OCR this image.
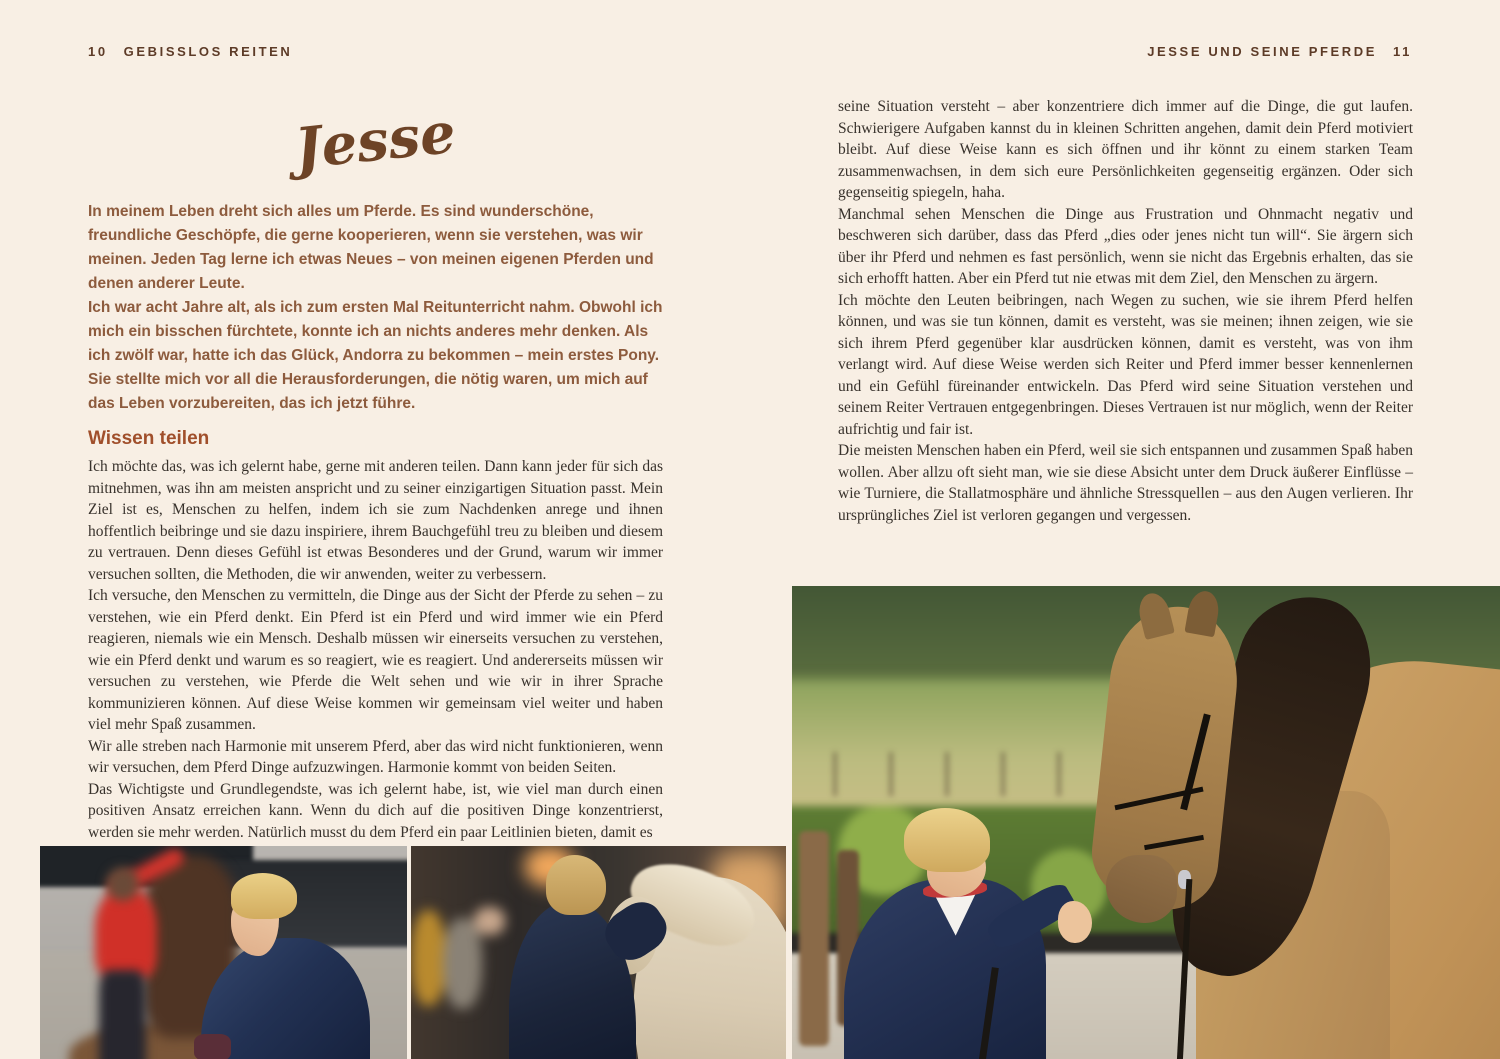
10 GEBISSLOS REITEN	JESSE UND SEINE PFERDE 11
Jesse

In meinem Leben dreht sich alles um Pferde. Es sind wunderschöne, freundliche Geschöpfe, die gerne kooperieren, wenn sie verstehen, was wir meinen. Jeden Tag lerne ich etwas Neues – von meinen eigenen Pferden und denen anderer Leute.

Ich war acht Jahre alt, als ich zum ersten Mal Reitunterricht nahm. Obwohl ich mich ein bisschen fürchtete, konnte ich an nichts anderes mehr denken. Als ich zwölf war, hatte ich das Glück, Andorra zu bekommen – mein erstes Pony. Sie stellte mich vor all die Herausforderungen, die nötig waren, um mich auf das Leben vorzubereiten, das ich jetzt führe.

Wissen teilen

Ich möchte das, was ich gelernt habe, gerne mit anderen teilen. Dann kann jeder für sich das mitnehmen, was ihn am meisten anspricht und zu seiner einzigartigen Situation passt. Mein Ziel ist es, Menschen zu helfen, indem ich sie zum Nachdenken anrege und ihnen hoffentlich beibringe und sie dazu inspiriere, ihrem Bauchgefühl treu zu bleiben und diesem zu vertrauen. Denn dieses Gefühl ist etwas Besonderes und der Grund, warum wir immer versuchen sollten, die Methoden, die wir anwenden, weiter zu verbessern.

Ich versuche, den Menschen zu vermitteln, die Dinge aus der Sicht der Pferde zu sehen – zu verstehen, wie ein Pferd denkt. Ein Pferd ist ein Pferd und wird immer wie ein Pferd reagieren, niemals wie ein Mensch. Deshalb müssen wir einerseits versuchen zu verstehen, wie ein Pferd denkt und warum es so reagiert, wie es reagiert. Und andererseits müssen wir versuchen zu verstehen, wie Pferde die Welt sehen und wie wir in ihrer Sprache kommunizieren können. Auf diese Weise kommen wir gemeinsam viel weiter und haben viel mehr Spaß zusammen.

Wir alle streben nach Harmonie mit unserem Pferd, aber das wird nicht funktionieren, wenn wir versuchen, dem Pferd Dinge aufzuzwingen. Harmonie kommt von beiden Seiten.

Das Wichtigste und Grundlegendste, was ich gelernt habe, ist, wie viel man durch einen positiven Ansatz erreichen kann. Wenn du dich auf die positiven Dinge konzentrierst, werden sie mehr werden. Natürlich musst du dem Pferd ein paar Leitlinien bieten, damit es

seine Situation versteht – aber konzentriere dich immer auf die Dinge, die gut laufen. Schwierigere Aufgaben kannst du in kleinen Schritten angehen, damit dein Pferd motiviert bleibt. Auf diese Weise kann es sich öffnen und ihr könnt zu einem starken Team zusammenwachsen, in dem sich eure Persönlichkeiten gegenseitig ergänzen. Oder sich gegenseitig spiegeln, haha.

Manchmal sehen Menschen die Dinge aus Frustration und Ohnmacht negativ und beschweren sich darüber, dass das Pferd „dies oder jenes nicht tun will“. Sie ärgern sich über ihr Pferd und nehmen es fast persönlich, wenn sie nicht das Ergebnis erhalten, das sie sich erhofft hatten. Aber ein Pferd tut nie etwas mit dem Ziel, den Menschen zu ärgern.

Ich möchte den Leuten beibringen, nach Wegen zu suchen, wie sie ihrem Pferd helfen können, und was sie tun können, damit es versteht, was sie meinen; ihnen zeigen, wie sie sich ihrem Pferd gegenüber klar ausdrücken können, damit es versteht, was von ihm verlangt wird. Auf diese Weise werden sich Reiter und Pferd immer besser kennenlernen und ein Gefühl füreinander entwickeln. Das Pferd wird seine Situation verstehen und seinem Reiter Vertrauen entgegenbringen. Dieses Vertrauen ist nur möglich, wenn der Reiter aufrichtig und fair ist.

Die meisten Menschen haben ein Pferd, weil sie sich entspannen und zusammen Spaß haben wollen. Aber allzu oft sieht man, wie sie diese Absicht unter dem Druck äußerer Einflüsse – wie Turniere, die Stallatmosphäre und ähnliche Stressquellen – aus den Augen verlieren. Ihr ursprüngliches Ziel ist verloren gegangen und vergessen.
